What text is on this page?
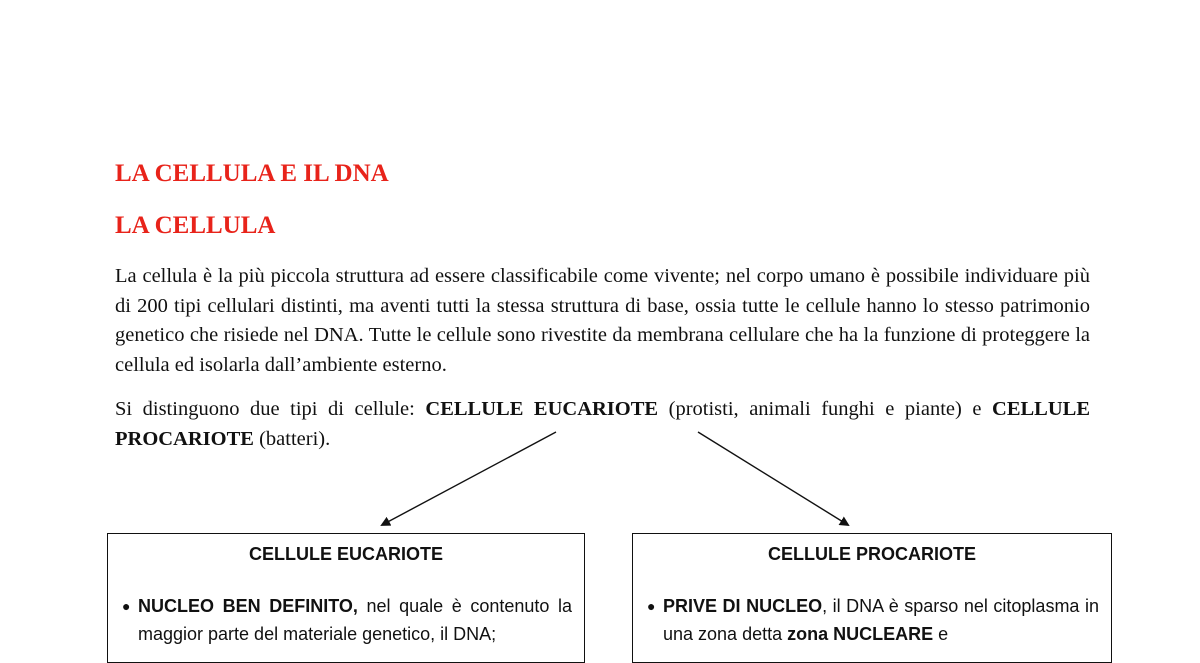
LA CELLULA E IL DNA
LA CELLULA

La cellula è la più piccola struttura ad essere classificabile come vivente; nel corpo umano è possibile individuare più di 200 tipi cellulari distinti, ma aventi tutti la stessa struttura di base, ossia tutte le cellule hanno lo stesso patrimonio genetico che risiede nel DNA. Tutte le cellule sono rivestite da membrana cellulare che ha la funzione di proteggere la cellula ed isolarla dall’ambiente esterno.

Si distinguono due tipi di cellule: CELLULE EUCARIOTE (protisti, animali funghi e piante) e CELLULE PROCARIOTE (batteri).

CELLULE EUCARIOTE

● NUCLEO BEN DEFINITO, nel quale è contenuto la maggior parte del materiale genetico, il DNA;

CELLULE PROCARIOTE

● PRIVE DI NUCLEO, il DNA è sparso nel citoplasma in una zona detta zona NUCLEARE e
